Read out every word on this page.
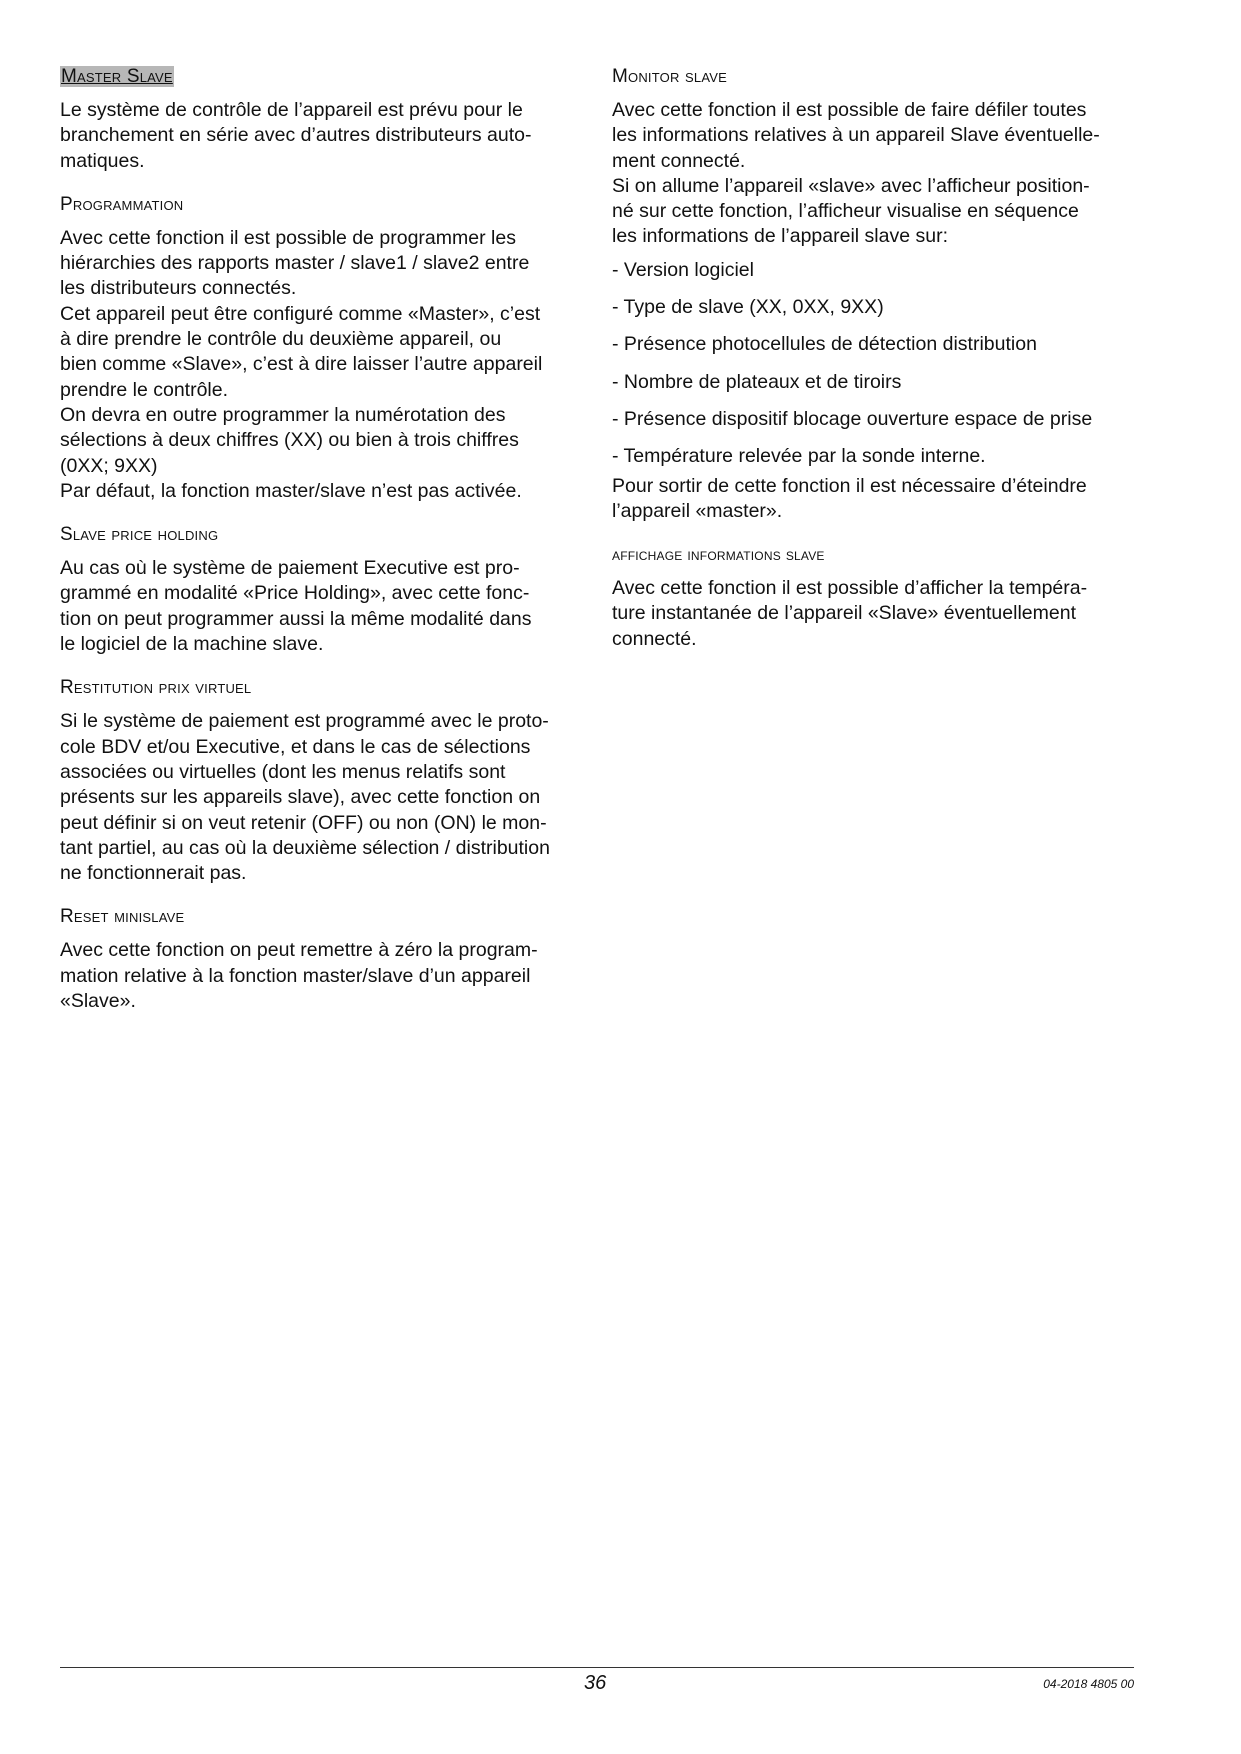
Master Slave

Le système de contrôle de l’appareil est prévu pour le
branchement en série avec d’autres distributeurs auto-
matiques.

Programmation

Avec cette fonction il est possible de programmer les
hiérarchies des rapports master / slave1 / slave2 entre
les distributeurs connectés.
Cet appareil peut être configuré comme «Master», c’est
à dire prendre le contrôle du deuxième appareil, ou
bien comme «Slave», c’est à dire laisser l’autre appareil
prendre le contrôle.
On devra en outre programmer la numérotation des
sélections à deux chiffres (XX) ou bien à trois chiffres
(0XX; 9XX)
Par défaut, la fonction master/slave n’est pas activée.

Slave price holding

Au cas où le système de paiement Executive est pro-
grammé en modalité «Price Holding», avec cette fonc-
tion on peut programmer aussi la même modalité dans
le logiciel de la machine slave.

Restitution prix virtuel

Si le système de paiement est programmé avec le proto-
cole BDV et/ou Executive, et dans le cas de sélections
associées ou virtuelles (dont les menus relatifs sont
présents sur les appareils slave), avec cette fonction on
peut définir si on veut retenir (OFF) ou non (ON) le mon-
tant partiel, au cas où la deuxième sélection / distribution
ne fonctionnerait pas.

Reset minislave

Avec cette fonction on peut remettre à zéro la program-
mation relative à la fonction master/slave d’un appareil
«Slave».

Monitor slave

Avec cette fonction il est possible de faire défiler toutes
les informations relatives à un appareil Slave éventuelle-
ment connecté.
Si on allume l’appareil «slave» avec l’afficheur position-
né sur cette fonction, l’afficheur visualise en séquence
les informations de l’appareil slave sur:

- Version logiciel

- Type de slave (XX, 0XX, 9XX)

- Présence photocellules de détection distribution

- Nombre de plateaux et de tiroirs

- Présence dispositif blocage ouverture espace de prise

- Température relevée par la sonde interne.

Pour sortir de cette fonction il est nécessaire d’éteindre
l’appareil «master».

affichage informations slave

Avec cette fonction il est possible d’afficher la tempéra-
ture instantanée de l’appareil «Slave» éventuellement
connecté.

36	04-2018 4805 00
